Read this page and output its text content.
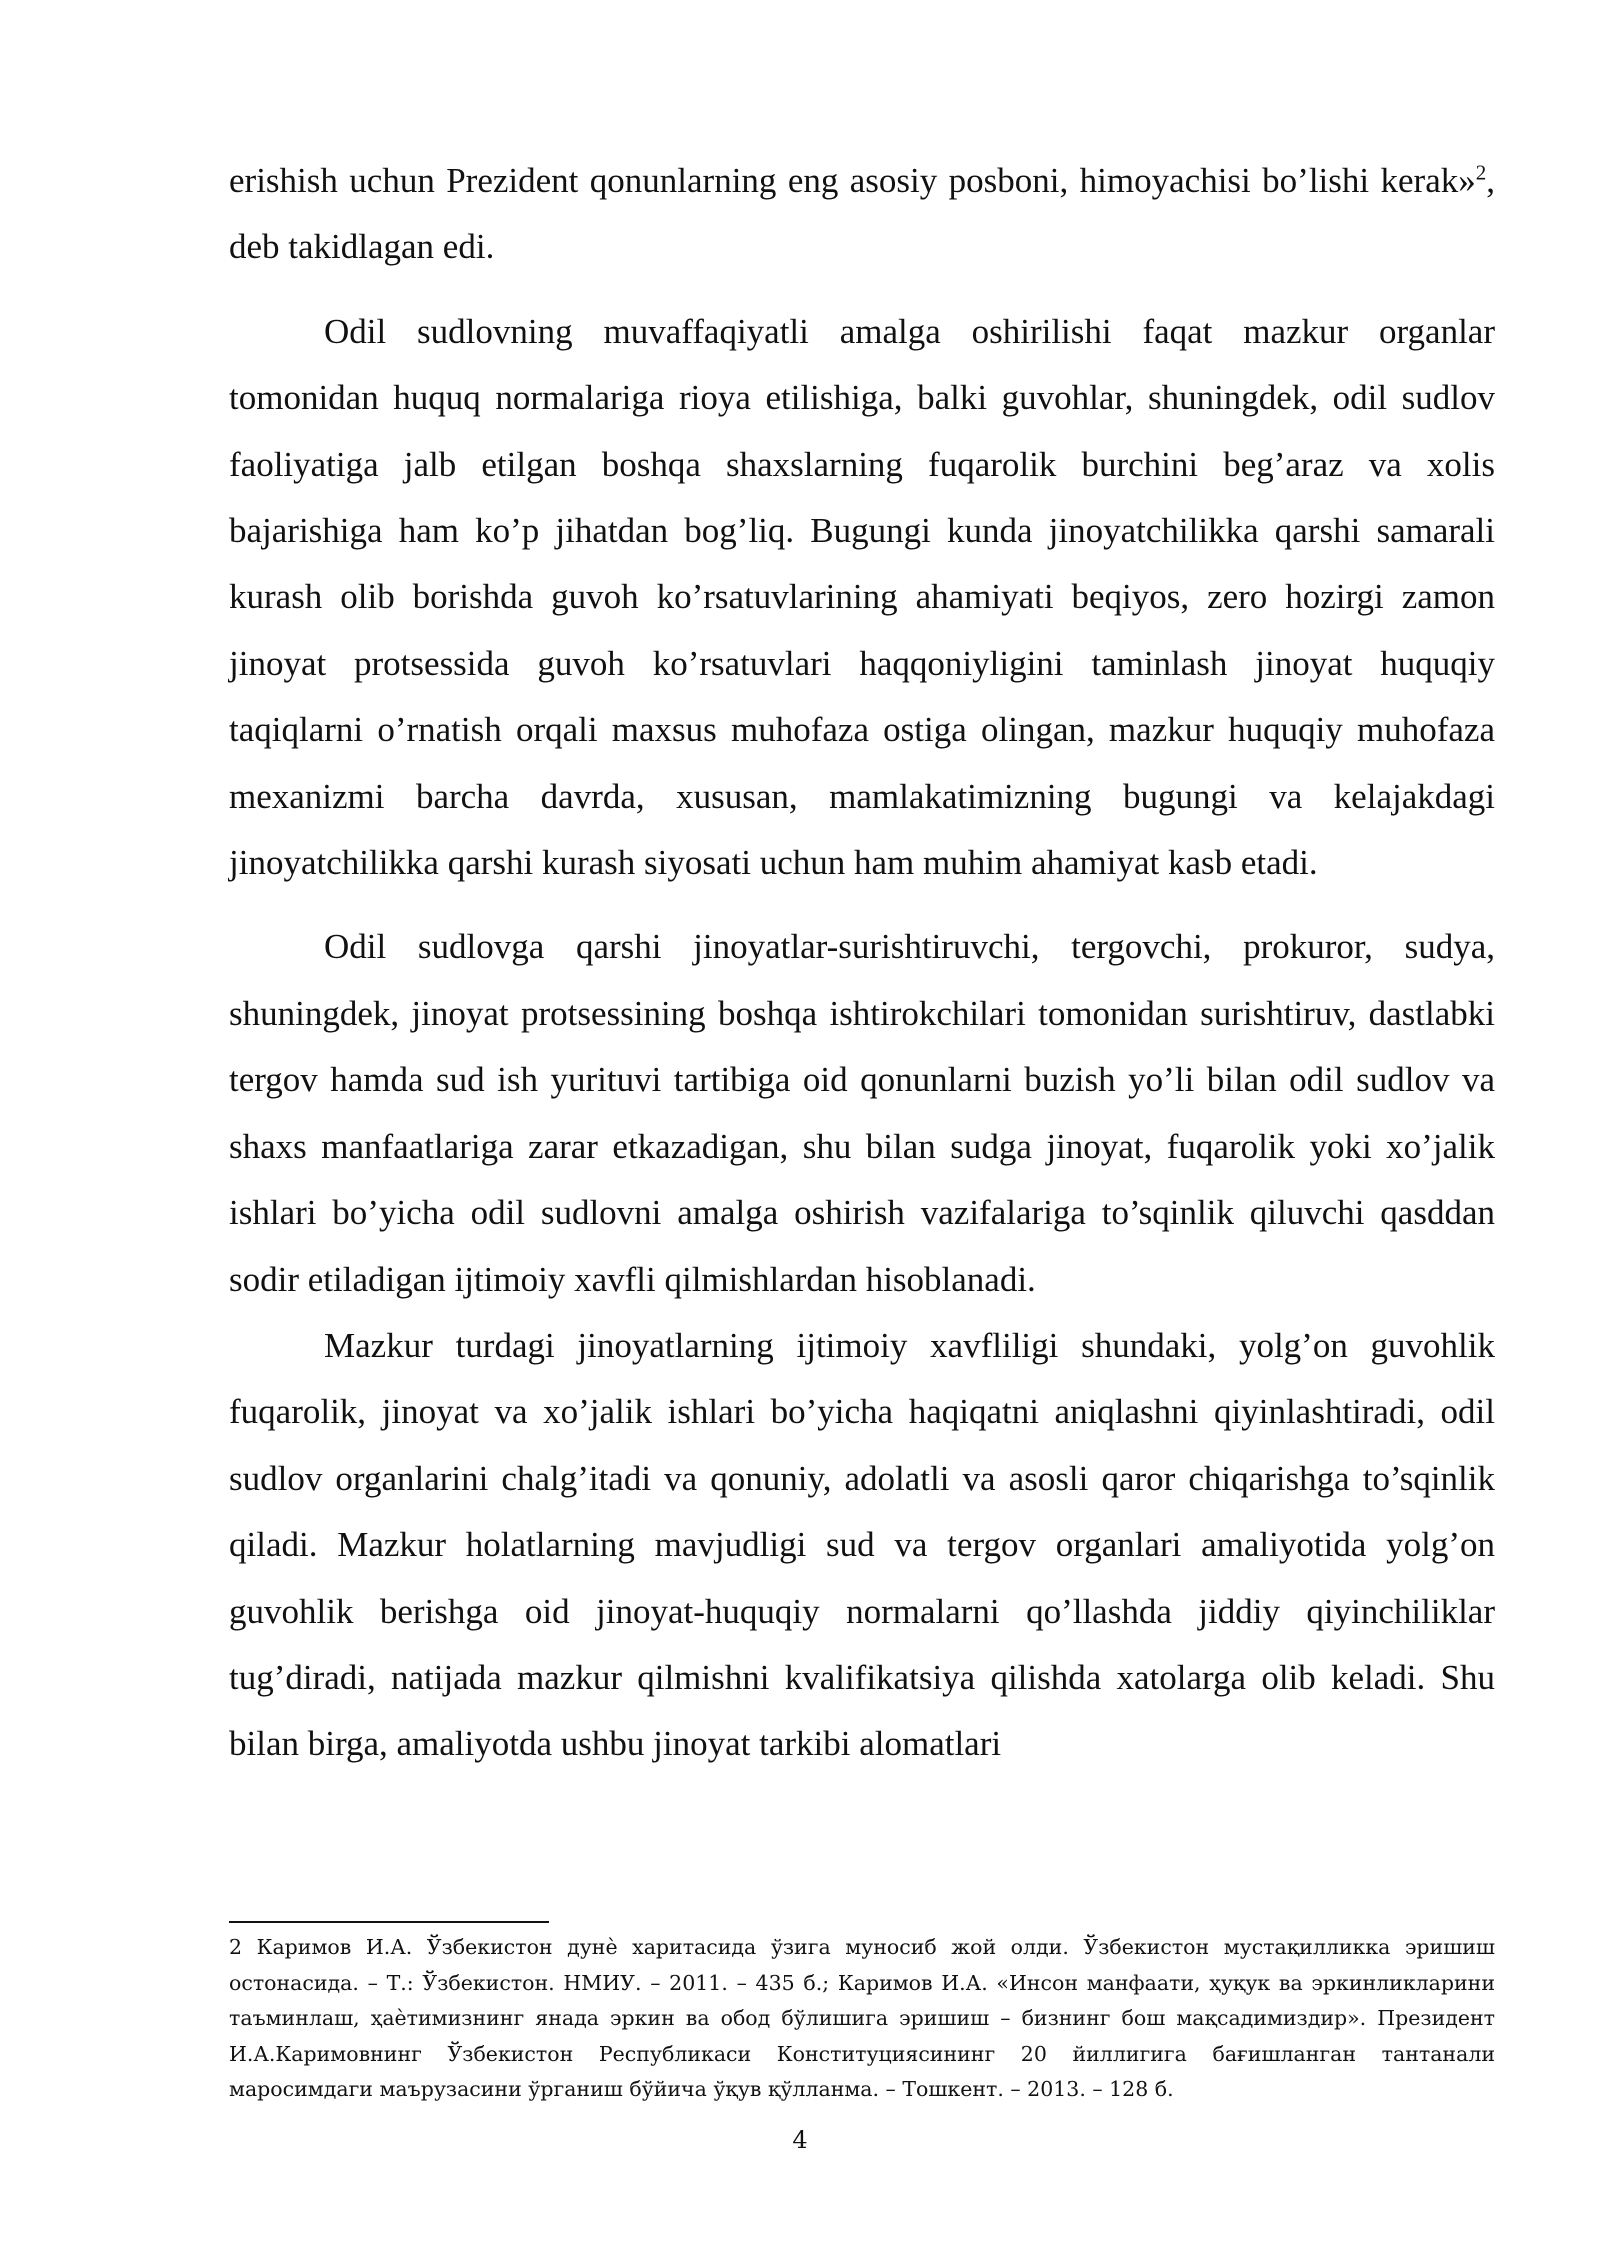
erishish uchun Prezident qonunlarning eng asosiy posboni, himoyachisi bo’lishi kerak»$^2$, deb takidlagan edi.

Odil sudlovning muvaffaqiyatli amalga oshirilishi faqat mazkur organlar tomonidan huquq normalariga rioya etilishiga, balki guvohlar, shuningdek, odil sudlov faoliyatiga jalb etilgan boshqa shaxslarning fuqarolik burchini beg’araz va xolis bajarishiga ham ko’p jihatdan bog’liq. Bugungi kunda jinoyatchilikka qarshi samarali kurash olib borishda guvoh ko’rsatuvlarining ahamiyati beqiyos, zero hozirgi zamon jinoyat protsessida guvoh ko’rsatuvlari haqqoniyligini taminlash jinoyat huquqiy taqiqlarni o’rnatish orqali maxsus muhofaza ostiga olingan, mazkur huquqiy muhofaza mexanizmi barcha davrda, xususan, mamlakatimizning bugungi va kelajakdagi jinoyatchilikka qarshi kurash siyosati uchun ham muhim ahamiyat kasb etadi.

Odil sudlovga qarshi jinoyatlar-surishtiruvchi, tergovchi, prokuror, sudya, shuningdek, jinoyat protsessining boshqa ishtirokchilari tomonidan surishtiruv, dastlabki tergov hamda sud ish yurituvi tartibiga oid qonunlarni buzish yo’li bilan odil sudlov va shaxs manfaatlariga zarar etkazadigan, shu bilan sudga jinoyat, fuqarolik yoki xo’jalik ishlari bo’yicha odil sudlovni amalga oshirish vazifalariga to’sqinlik qiluvchi qasddan sodir etiladigan ijtimoiy xavfli qilmishlardan hisoblanadi.

Mazkur turdagi jinoyatlarning ijtimoiy xavfliligi shundaki, yolg’on guvohlik fuqarolik, jinoyat va xo’jalik ishlari bo’yicha haqiqatni aniqlashni qiyinlashtiradi, odil sudlov organlarini chalg’itadi va qonuniy, adolatli va asosli qaror chiqarishga to’sqinlik qiladi. Mazkur holatlarning mavjudligi sud va tergov organlari amaliyotida yolg’on guvohlik berishga oid jinoyat-huquqiy normalarni qo’llashda jiddiy qiyinchiliklar tug’diradi, natijada mazkur qilmishni kvalifikatsiya qilishda xatolarga olib keladi. Shu bilan birga, amaliyotda ushbu jinoyat tarkibi alomatlari

2 Каримов И.А. Ўзбекистон дунѐ харитасида ўзига муносиб жой олди. Ўзбекистон мустақилликка эришиш остонасида. – Т.: Ўзбекистон. НМИУ. – 2011. – 435 б.; Каримов И.А. «Инсон манфаати, ҳуқук ва эркинликларини таъминлаш, ҳаѐтимизнинг янада эркин ва обод бўлишига эришиш – бизнинг бош мақсадимиздир». Президент И.А.Каримовнинг Ўзбекистон Республикаси Конституциясининг 20 йиллигига бағишланган тантанали маросимдаги маърузасини ўрганиш бўйича ўқув қўлланма. – Тошкент. – 2013. – 128 б.

4
